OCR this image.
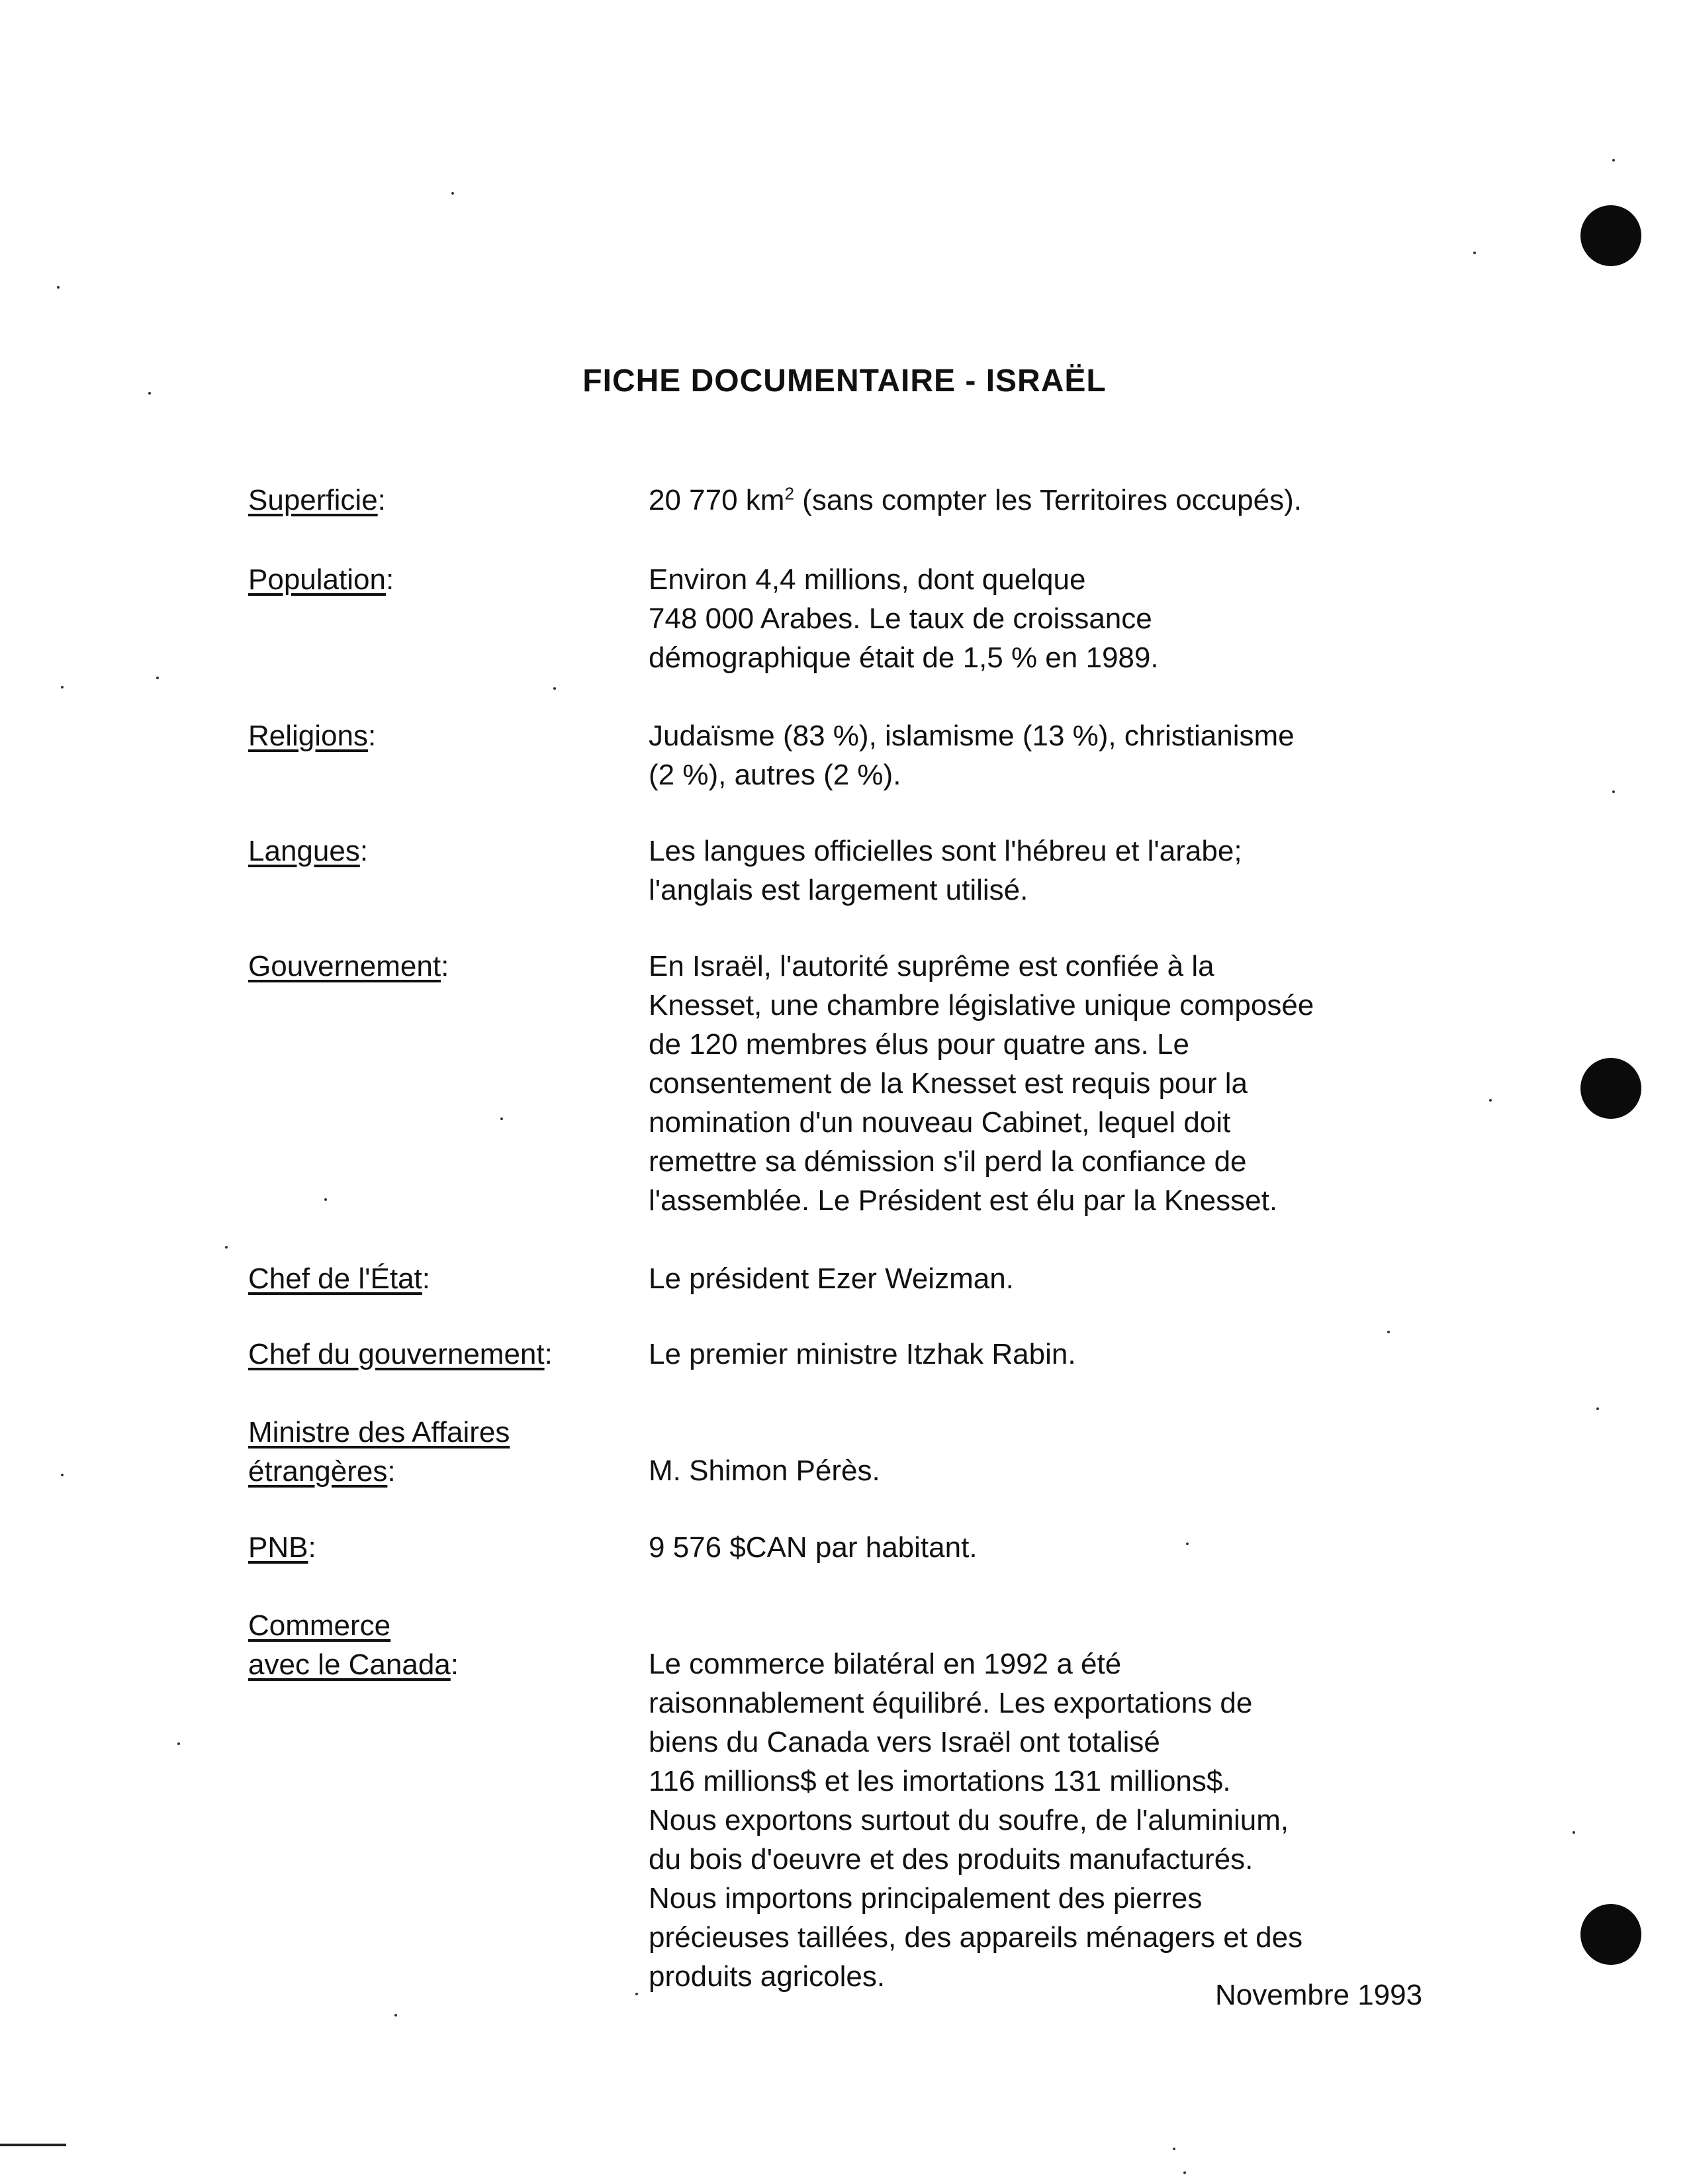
FICHE DOCUMENTAIRE - ISRAËL
Superficie:	20 770 $km^2$ (sans compter les Territoires occupés).
Population:	Environ 4,4 millions, dont quelque
748 000 Arabes. Le taux de croissance
démographique était de 1,5 % en 1989.
Religions:	Judaïsme (83 %), islamisme (13 %), christianisme
(2 %), autres (2 %).
Langues:	Les langues officielles sont l'hébreu et l'arabe;
l'anglais est largement utilisé.
Gouvernement:	En Israël, l'autorité suprême est confiée à la
Knesset, une chambre législative unique composée
de 120 membres élus pour quatre ans. Le
consentement de la Knesset est requis pour la
nomination d'un nouveau Cabinet, lequel doit
remettre sa démission s'il perd la confiance de
l'assemblée. Le Président est élu par la Knesset.
Chef de l'État:	Le président Ezer Weizman.
Chef du gouvernement:	Le premier ministre Itzhak Rabin.
Ministre des Affaires
étrangères:	M. Shimon Pérès.
PNB:	9 576 $CAN par habitant.
Commerce
avec le Canada:	Le commerce bilatéral en 1992 a été
raisonnablement équilibré. Les exportations de
biens du Canada vers Israël ont totalisé
116 millions$ et les imortations 131 millions$.
Nous exportons surtout du soufre, de l'aluminium,
du bois d'oeuvre et des produits manufacturés.
Nous importons principalement des pierres
précieuses taillées, des appareils ménagers et des
produits agricoles.
Novembre 1993
